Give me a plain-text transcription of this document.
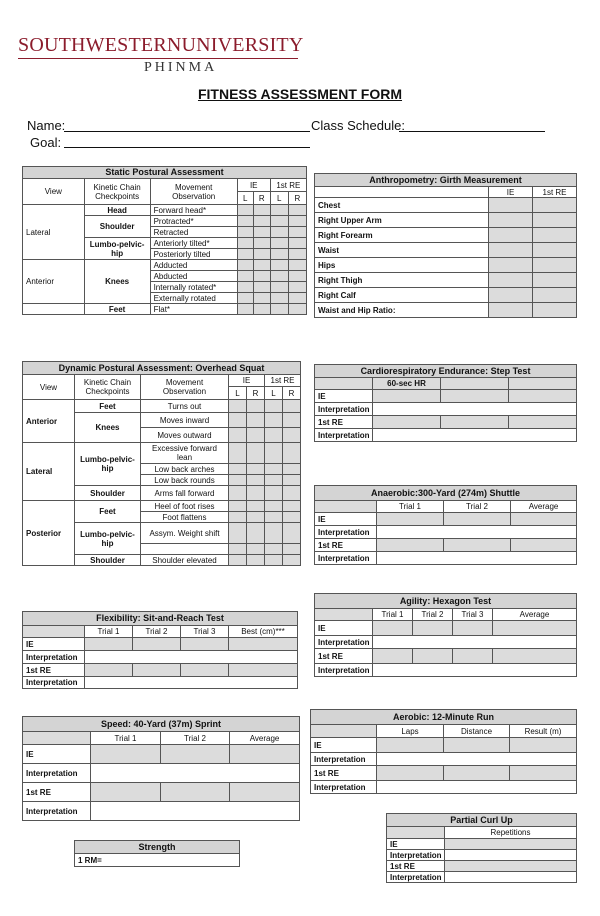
SOUTHWESTERNUNIVERSITY
PHINMA
FITNESS ASSESSMENT FORM
Name:	Class Schedule:
Goal:
Static Postural Assessment						
View	Kinetic Chain Checkpoints	Movement Observation	IE		1st RE	
			L	R	L	R
Lateral	Head	Forward head*				
	Shoulder	Protracted*				
		Retracted				
	Lumbo-pelvic-hip	Anteriorly tilted*				
		Posteriorly tilted				
Anterior	Knees	Adducted				
		Abducted				
		Internally rotated*				
		Externally rotated				
	Feet	Flat*				
Anthropometry: Girth Measurement		
	IE	1st RE
Chest		
Right Upper Arm		
Right Forearm		
Waist		
Hips		
Right Thigh		
Right Calf		
Waist and Hip Ratio:		
Dynamic Postural Assessment: Overhead Squat						
View	Kinetic Chain Checkpoints	Movement Observation	IE		1st RE	
			L	R	L	R
Anterior	Feet	Turns out				
	Knees	Moves inward				
		Moves outward				
Lateral	Lumbo-pelvic-hip	Excessive forward lean				
		Low back arches				
		Low back rounds				
	Shoulder	Arms fall forward				
Posterior	Feet	Heel of foot rises				
		Foot flattens				
	Lumbo-pelvic-hip	Assym. Weight shift				

	Shoulder	Shoulder elevated				
Cardiorespiratory Endurance: Step Test			
	60-sec HR		
IE			
Interpretation			
1st RE			
Interpretation			
Anaerobic:300-Yard (274m) Shuttle			
	Trial 1	Trial 2	Average
IE			
Interpretation			
1st RE			
Interpretation			
Flexibility: Sit-and-Reach Test				
	Trial 1	Trial 2	Trial 3	Best (cm)***
IE				
Interpretation				
1st RE				
Interpretation				
Agility: Hexagon Test				
	Trial 1	Trial 2	Trial 3	Average
IE				
Interpretation				
1st RE				
Interpretation				
Speed: 40-Yard (37m) Sprint			
	Trial 1	Trial 2	Average
IE			
Interpretation			
1st RE			
Interpretation			
Aerobic: 12-Minute Run			
	Laps	Distance	Result (m)
IE			
Interpretation			
1st RE			
Interpretation			
Strength
1 RM=
Partial Curl Up	
	Repetitions
IE	
Interpretation	
1st RE	
Interpretation	
